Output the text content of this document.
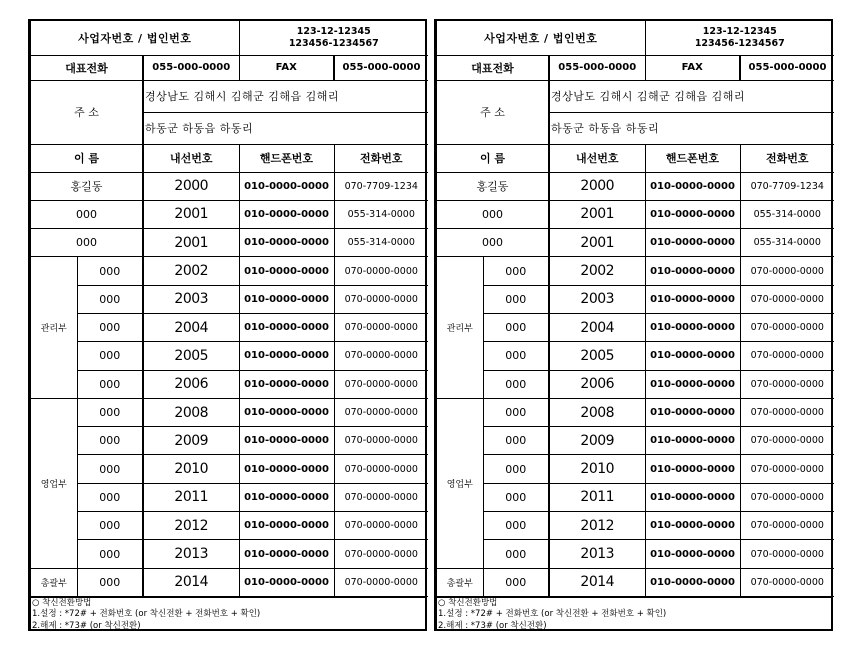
사업자번호 / 법인번호			123-12-12345
123456-1234567	

대표전화		055-000-0000	FAX	055-000-0000
주 소		경상남도 김해시 김해군 김해읍 김해리		
		하동군 하동읍 하동리		
이 름		내선번호	핸드폰번호	전화번호
홍길동		2000	010-0000-0000	070-7709-1234
000		2001	010-0000-0000	055-314-0000
000		2001	010-0000-0000	055-314-0000
관리부	000	2002	010-0000-0000	070-0000-0000
	000	2003	010-0000-0000	070-0000-0000
	000	2004	010-0000-0000	070-0000-0000
	000	2005	010-0000-0000	070-0000-0000
	000	2006	010-0000-0000	070-0000-0000
영업부	000	2008	010-0000-0000	070-0000-0000
	000	2009	010-0000-0000	070-0000-0000
	000	2010	010-0000-0000	070-0000-0000
	000	2011	010-0000-0000	070-0000-0000
	000	2012	010-0000-0000	070-0000-0000
	000	2013	010-0000-0000	070-0000-0000
총괄부	000	2014	010-0000-0000	070-0000-0000
○ 착신전환방법
1.설정 : *72# + 전화번호 (or 착신전환 + 전화번호 + 확인)
2.해제 : *73# (or 착신전환)
사업자번호 / 법인번호			123-12-12345
123456-1234567	

대표전화		055-000-0000	FAX	055-000-0000
주 소		경상남도 김해시 김해군 김해읍 김해리		
		하동군 하동읍 하동리		
이 름		내선번호	핸드폰번호	전화번호
홍길동		2000	010-0000-0000	070-7709-1234
000		2001	010-0000-0000	055-314-0000
000		2001	010-0000-0000	055-314-0000
관리부	000	2002	010-0000-0000	070-0000-0000
	000	2003	010-0000-0000	070-0000-0000
	000	2004	010-0000-0000	070-0000-0000
	000	2005	010-0000-0000	070-0000-0000
	000	2006	010-0000-0000	070-0000-0000
영업부	000	2008	010-0000-0000	070-0000-0000
	000	2009	010-0000-0000	070-0000-0000
	000	2010	010-0000-0000	070-0000-0000
	000	2011	010-0000-0000	070-0000-0000
	000	2012	010-0000-0000	070-0000-0000
	000	2013	010-0000-0000	070-0000-0000
총괄부	000	2014	010-0000-0000	070-0000-0000
○ 착신전환방법
1.설정 : *72# + 전화번호 (or 착신전환 + 전화번호 + 확인)
2.해제 : *73# (or 착신전환)
